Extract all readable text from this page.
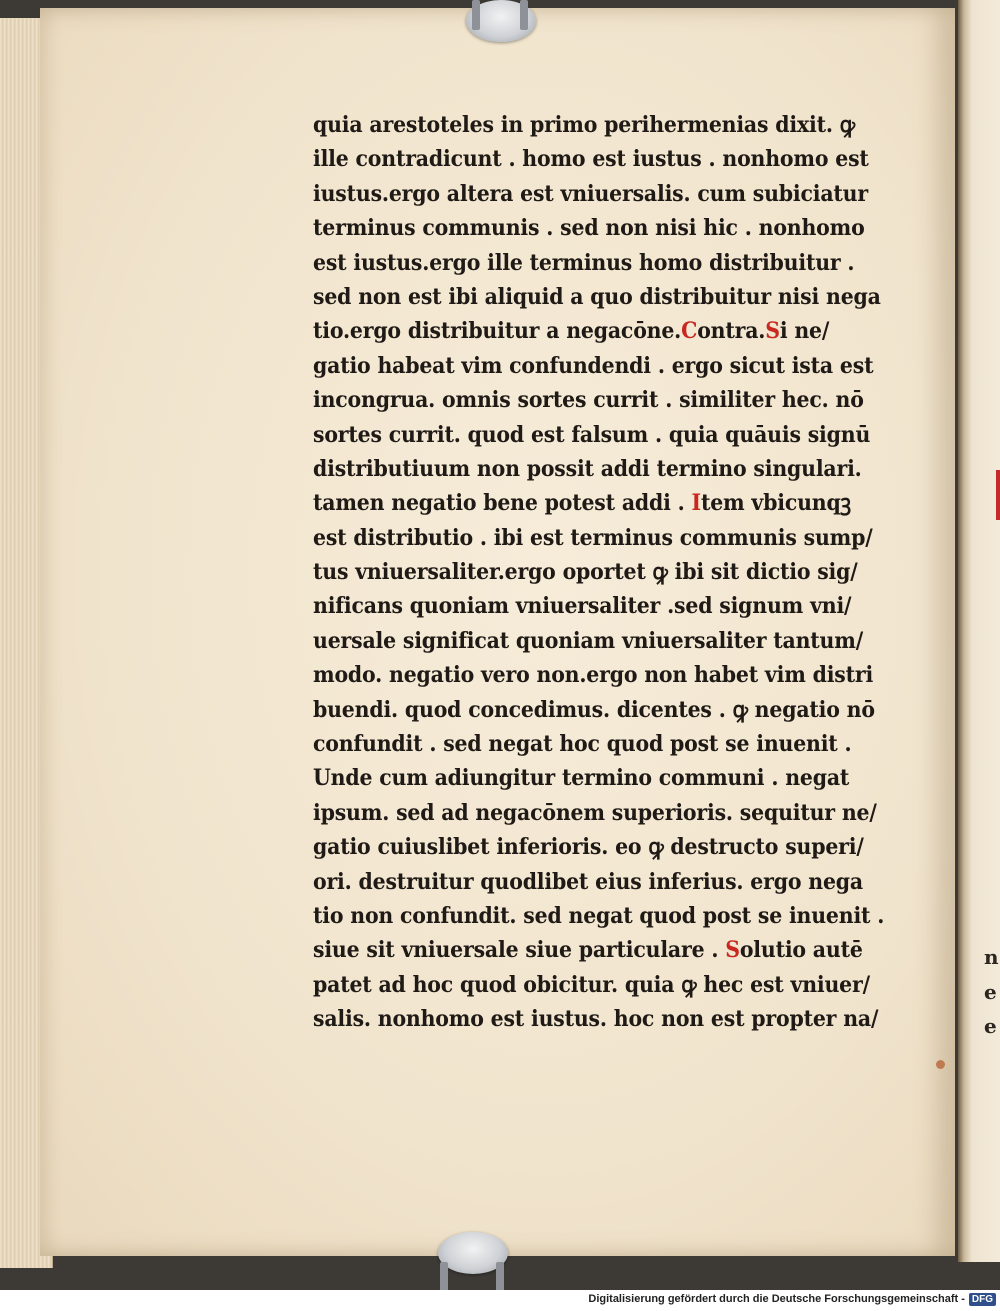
n
e
e
quia arestoteles in primo perihermenias dixit. ꝙ
ille contradicunt . homo est iustus . nonhomo est
iustus.ergo altera est vniuersalis. cum subiciatur
terminus communis . sed non nisi hic . nonhomo
est iustus.ergo ille terminus homo distribuitur .
sed non est ibi aliquid a quo distribuitur nisi nega
tio.ergo distribuitur a negacōne.Contra.Si ne/
gatio habeat vim confundendi . ergo sicut ista est
incongrua. omnis sortes currit . similiter hec. nō
sortes currit. quod est falsum . quia quāuis signū
distributiuum non possit addi termino singulari.
tamen negatio bene potest addi . Item vbicunqꝫ
est distributio . ibi est terminus communis sump/
tus vniuersaliter.ergo oportet ꝙ ibi sit dictio sig/
nificans quoniam vniuersaliter .sed signum vni/
uersale significat quoniam vniuersaliter tantum/
modo. negatio vero non.ergo non habet vim distri
buendi. quod concedimus. dicentes . ꝙ negatio nō
confundit . sed negat hoc quod post se inuenit .
Unde cum adiungitur termino communi . negat
ipsum. sed ad negacōnem superioris. sequitur ne/
gatio cuiuslibet inferioris. eo ꝙ destructo superi/
ori. destruitur quodlibet eius inferius. ergo nega
tio non confundit. sed negat quod post se inuenit .
siue sit vniuersale siue particulare . Solutio autē
patet ad hoc quod obicitur. quia ꝙ hec est vniuer/
salis. nonhomo est iustus. hoc non est propter na/
Digitalisierung gefördert durch die Deutsche Forschungsgemeinschaft - DFG
